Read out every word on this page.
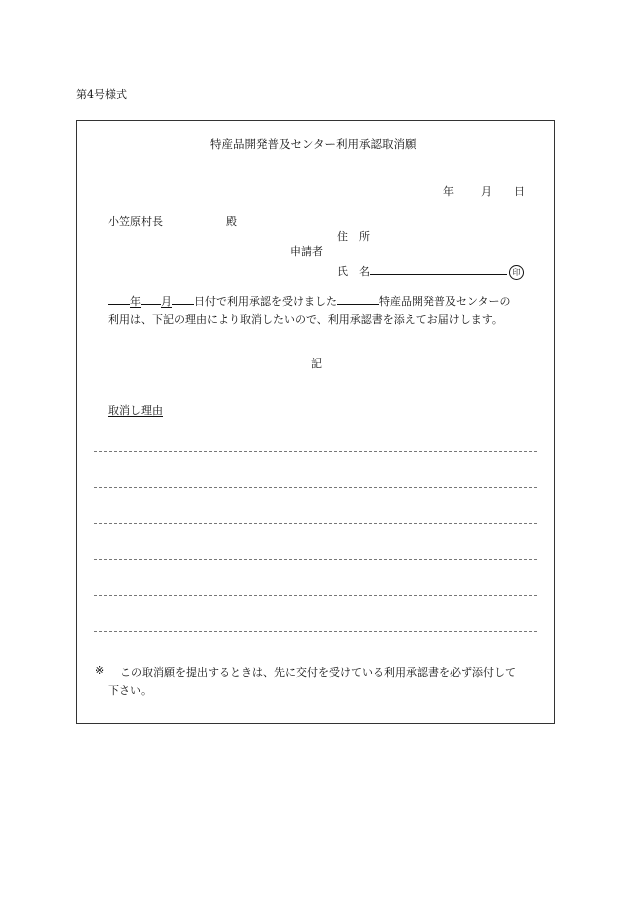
第4号様式
特産品開発普及センター利用承認取消願
年 月 日
小笠原村長	殿
住　所
申請者
氏　名	印
年 月 日付で利用承認を受けました	特産品開発普及センターの
利用は、下記の理由により取消したいので、利用承認書を添えてお届けします。
記
取消し理由
※ この取消願を提出するときは、先に交付を受けている利用承認書を必ず添付して
下さい。
